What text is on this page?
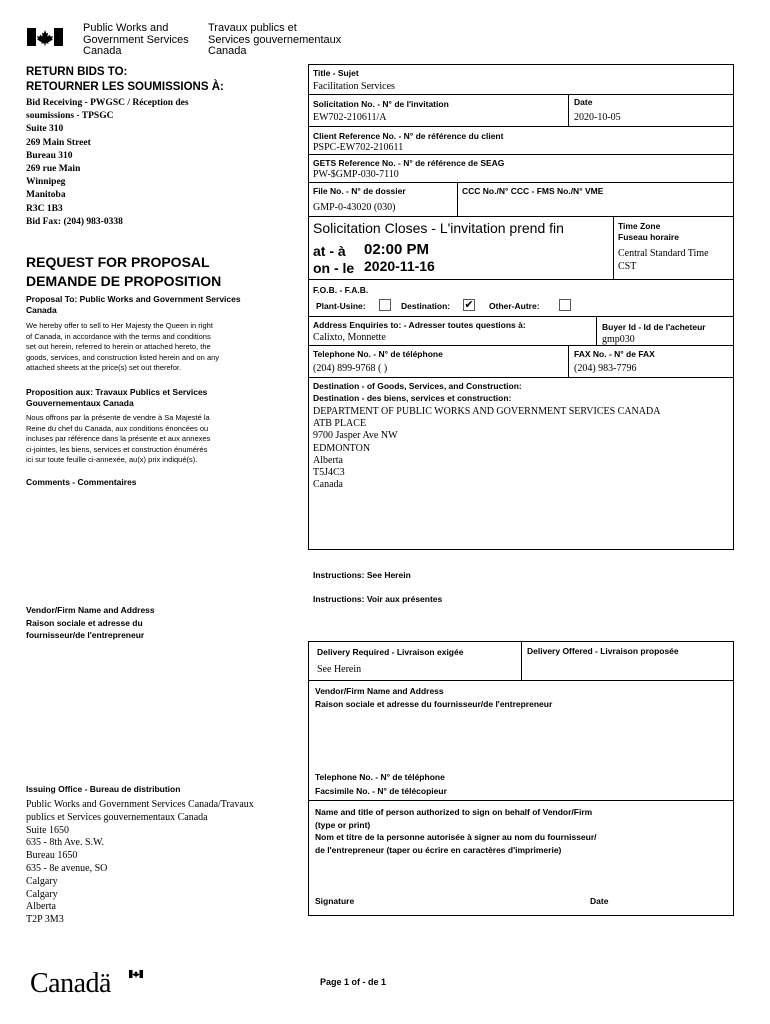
Public Works and
Government Services
Canada
Travaux publics et
Services gouvernementaux
Canada
RETURN BIDS TO:
RETOURNER LES SOUMISSIONS À:
Bid Receiving - PWGSC / Réception des
soumissions - TPSGC
Suite 310
269 Main Street
Bureau 310
269 rue Main
Winnipeg
Manitoba
R3C 1B3
Bid Fax: (204) 983-0338
REQUEST FOR PROPOSAL
DEMANDE DE PROPOSITION
Proposal To: Public Works and Government Services Canada
We hereby offer to sell to Her Majesty the Queen in right
of Canada, in accordance with the terms and conditions
set out herein, referred to herein or attached hereto, the
goods, services, and construction listed herein and on any
attached sheets at the price(s) set out therefor.
Proposition aux: Travaux Publics et Services Gouvernementaux Canada
Nous offrons par la présente de vendre à Sa Majesté la
Reine du chef du Canada, aux conditions énoncées ou
incluses par référence dans la présente et aux annexes
ci-jointes, les biens, services et construction énumérés
ici sur toute feuille ci-annexée, au(x) prix indiqué(s).
Comments - Commentaires
Vendor/Firm Name and Address
Raison sociale et adresse du
fournisseur/de l'entrepreneur
Issuing Office - Bureau de distribution
Public Works and Government Services Canada/Travaux
publics et Services gouvernementaux Canada
Suite 1650
635 - 8th Ave. S.W.
Bureau 1650
635 - 8e avenue, SO
Calgary
Calgary
Alberta
T2P 3M3
Title - Sujet
Facilitation Services
Solicitation No. - N° de l'invitation
EW702-210611/A
Date
2020-10-05
Client Reference No. - N° de référence du client
PSPC-EW702-210611
GETS Reference No. - N° de référence de SEAG
PW-$GMP-030-7110
File No. - N° de dossier
GMP-0-43020 (030)
CCC No./N° CCC - FMS No./N° VME
Solicitation Closes - L'invitation prend fin
at - à 02:00 PM
on - le 2020-11-16
Time Zone
Fuseau horaire
Central Standard Time
CST
F.O.B. - F.A.B.
Plant-Usine:	Destination: ✔ Other-Autre:
Address Enquiries to: - Adresser toutes questions à:
Calixto, Monnette
Buyer Id - Id de l'acheteur
gmp030
Telephone No. - N° de téléphone
(204) 899-9768 ( )
FAX No. - N° de FAX
(204) 983-7796
Destination - of Goods, Services, and Construction:
Destination - des biens, services et construction:
DEPARTMENT OF PUBLIC WORKS AND GOVERNMENT SERVICES CANADA
ATB PLACE
9700 Jasper Ave NW
EDMONTON
Alberta
T5J4C3
Canada
Instructions: See Herein
Instructions: Voir aux présentes
Delivery Required - Livraison exigée
See Herein
Delivery Offered - Livraison proposée
Vendor/Firm Name and Address
Raison sociale et adresse du fournisseur/de l'entrepreneur
Telephone No. - N° de téléphone
Facsimile No. - N° de télécopieur
Name and title of person authorized to sign on behalf of Vendor/Firm
(type or print)
Nom et titre de la personne autorisée à signer au nom du fournisseur/
de l'entrepreneur (taper ou écrire en caractères d'imprimerie)
Signature	Date
Canadä	Page 1 of - de 1
